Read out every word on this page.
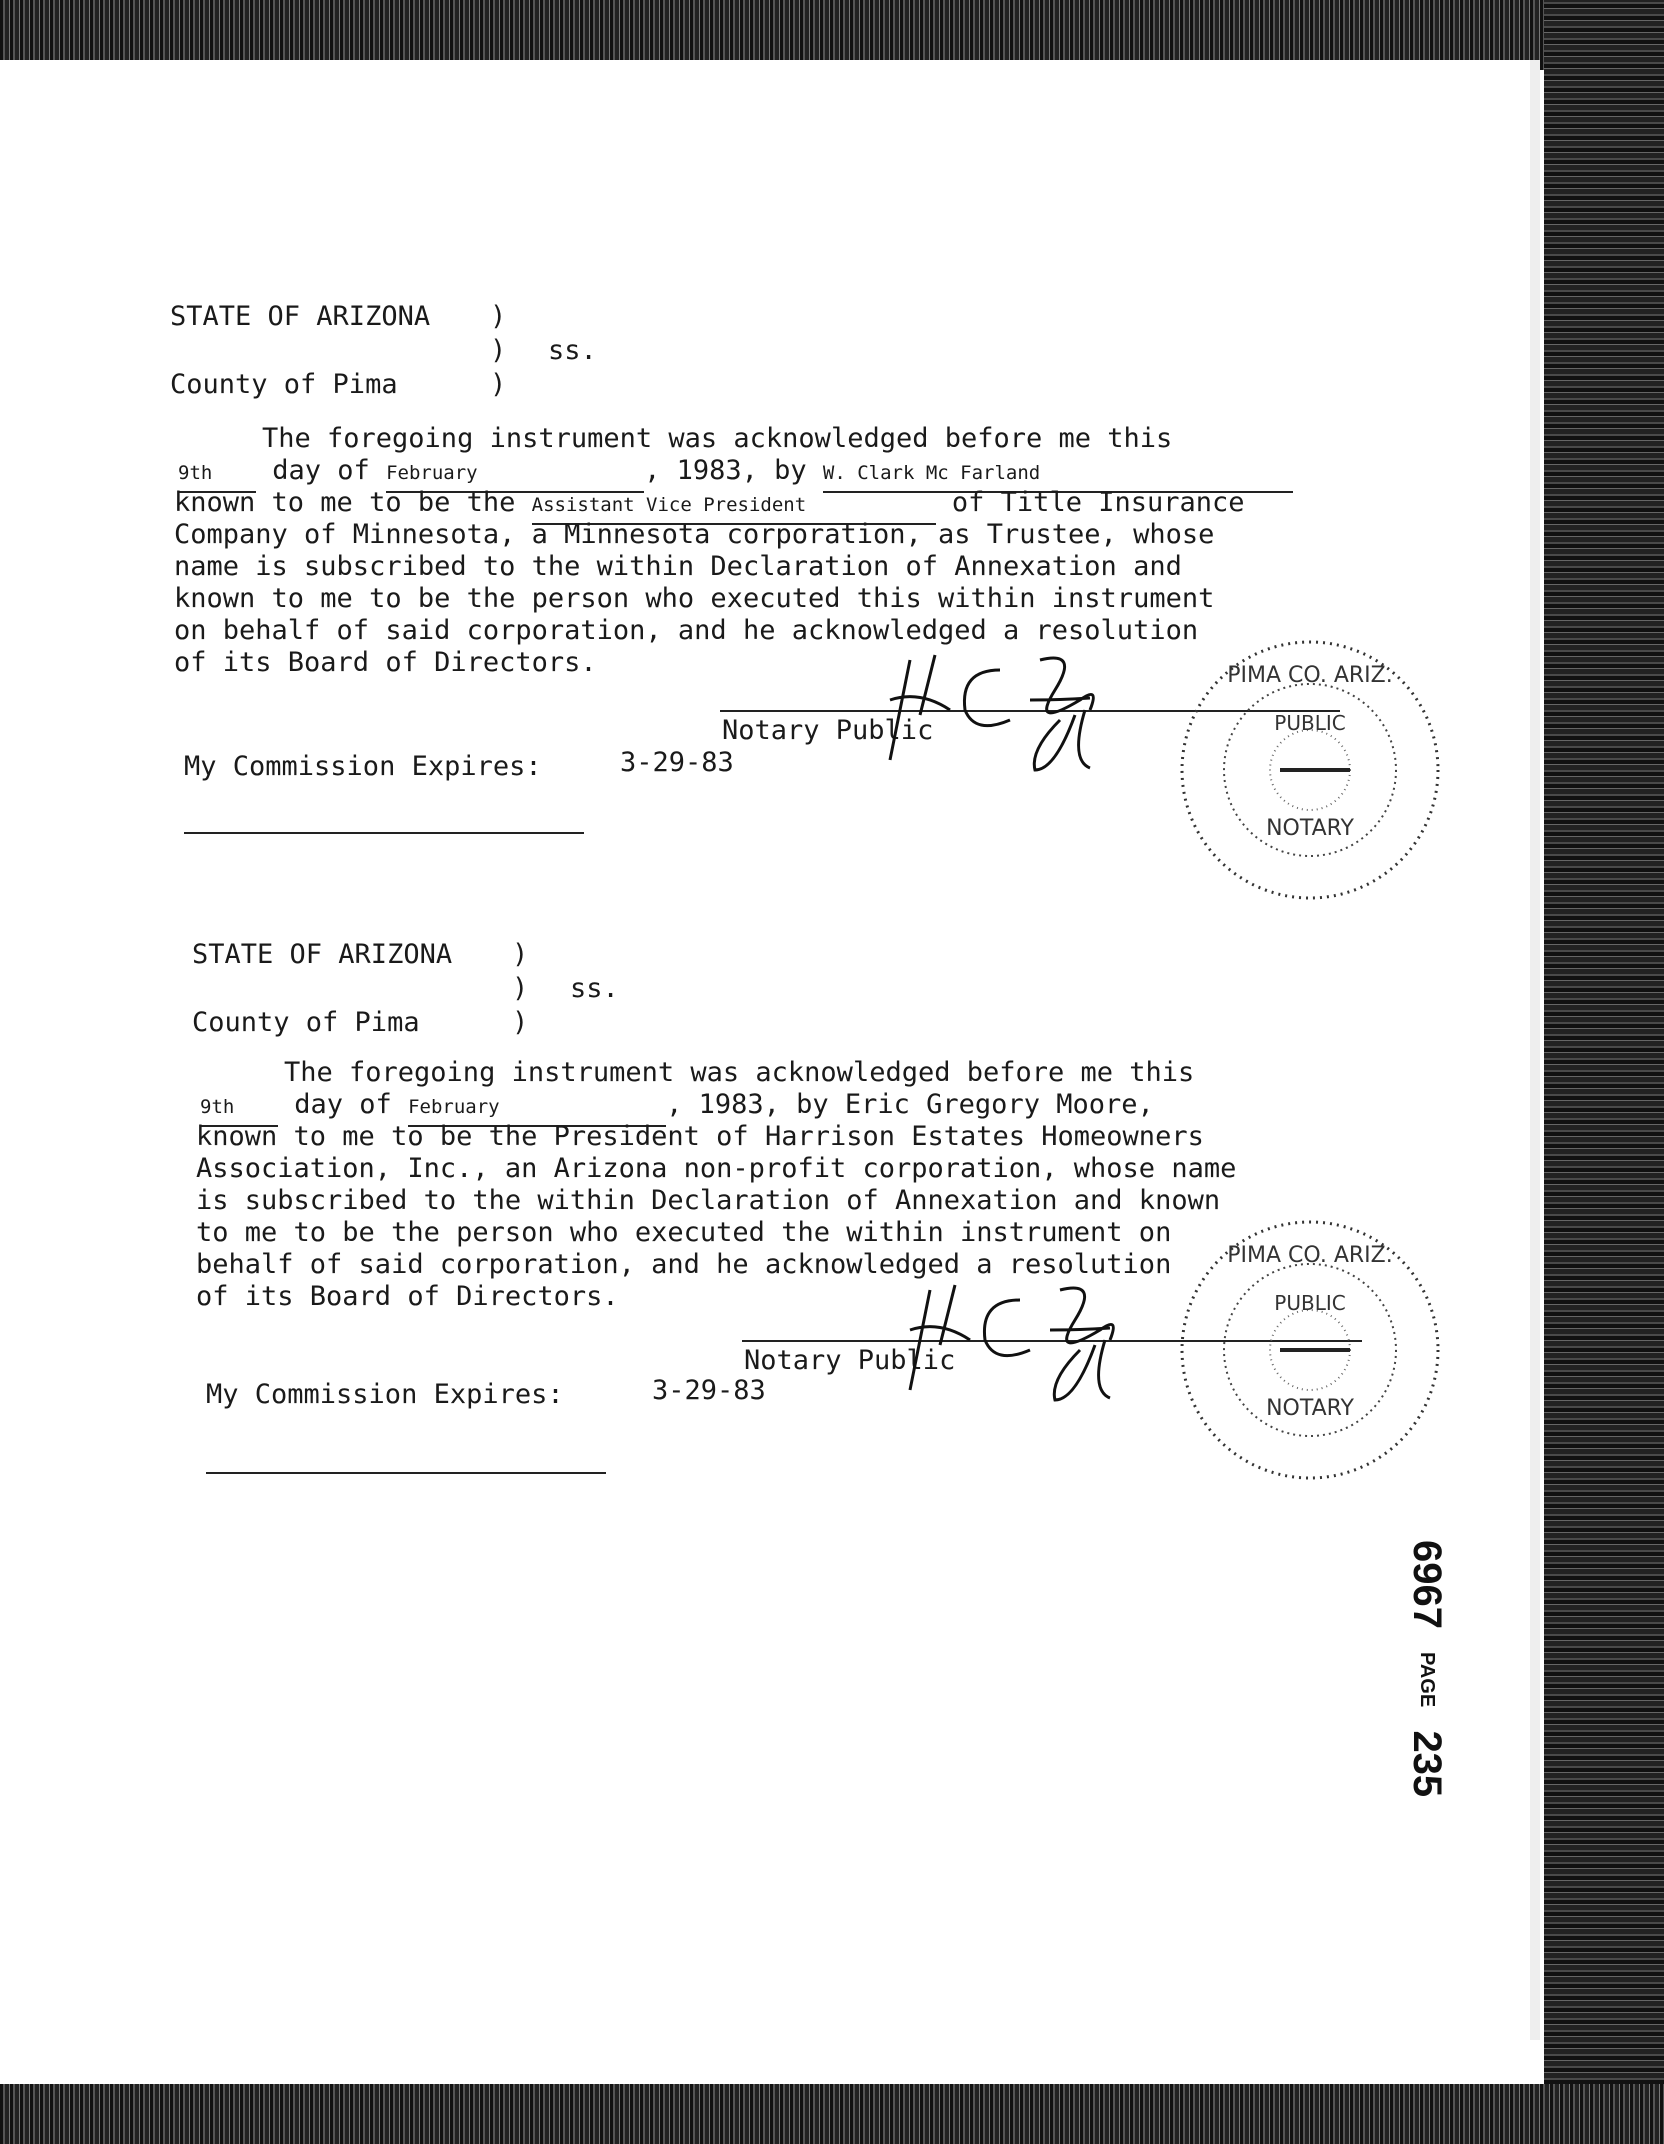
STATE OF ARIZONA )
) ss.
County of Pima	)
The foregoing instrument was acknowledged before me this
9th day of February	, 1983, by W. Clark Mc Farland
known to me to be the Assistant Vice President	of Title Insurance
Company of Minnesota, a Minnesota corporation, as Trustee, whose
name is subscribed to the within Declaration of Annexation and
known to me to be the person who executed this within instrument
on behalf of said corporation, and he acknowledged a resolution
of its Board of Directors.
Notary Public
My Commission Expires:	3-29-83
PIMA CO. ARIZ.
PUBLIC
NOTARY
STATE OF ARIZONA )
) ss.
County of Pima	)
The foregoing instrument was acknowledged before me this
9th day of February	, 1983, by Eric Gregory Moore,
known to me to be the President of Harrison Estates Homeowners
Association, Inc., an Arizona non-profit corporation, whose name
is subscribed to the within Declaration of Annexation and known
to me to be the person who executed the within instrument on
behalf of said corporation, and he acknowledged a resolution
of its Board of Directors.
Notary Public
My Commission Expires:	3-29-83
PIMA CO. ARIZ.
PUBLIC
NOTARY
6967 PAGE 235
